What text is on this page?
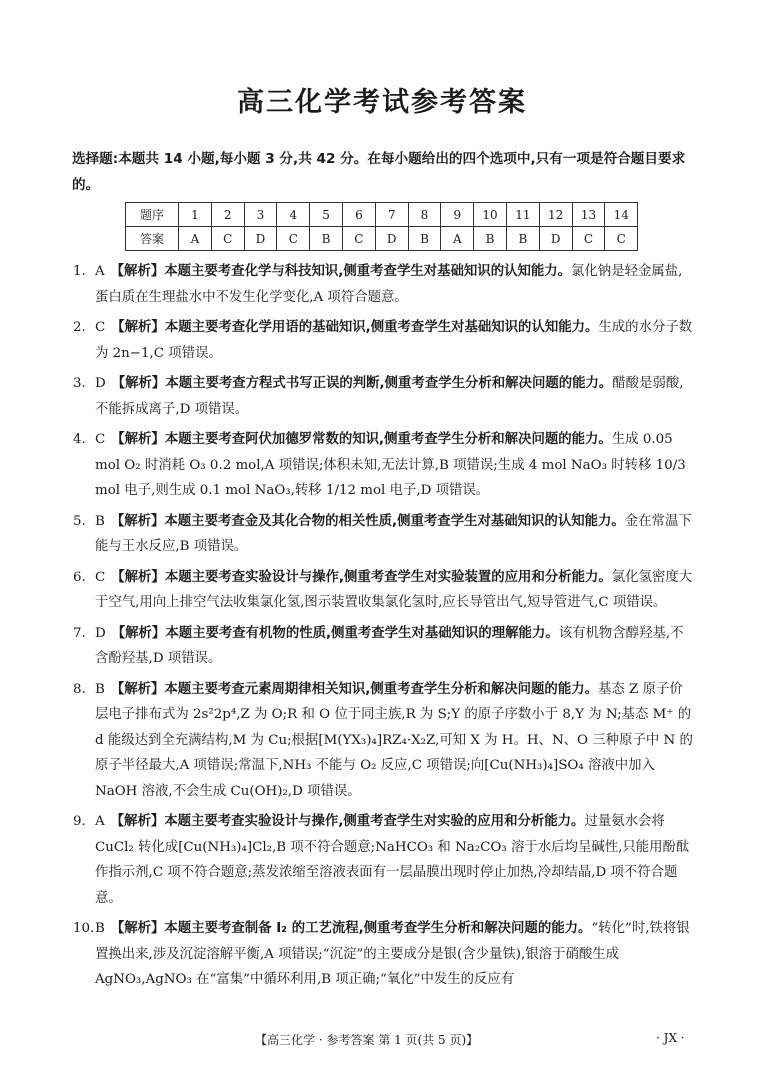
高三化学考试参考答案
选择题:本题共 14 小题,每小题 3 分,共 42 分。在每小题给出的四个选项中,只有一项是符合题目要求的。
题序	1	2	3	4	5	6	7	8	9	10	11	12	13	14
答案	A	C	D	C	B	C	D	B	A	B	B	D	C	C
1. A 【解析】本题主要考查化学与科技知识,侧重考查学生对基础知识的认知能力。氯化钠是轻金属盐,蛋白质在生理盐水中不发生化学变化,A 项符合题意。
2. C 【解析】本题主要考查化学用语的基础知识,侧重考查学生对基础知识的认知能力。生成的水分子数为 2n−1,C 项错误。
3. D 【解析】本题主要考查方程式书写正误的判断,侧重考查学生分析和解决问题的能力。醋酸是弱酸,不能拆成离子,D 项错误。
4. C 【解析】本题主要考查阿伏加德罗常数的知识,侧重考查学生分析和解决问题的能力。生成 0.05 mol O₂ 时消耗 O₃ 0.2 mol,A 项错误;体积未知,无法计算,B 项错误;生成 4 mol NaO₃ 时转移 10/3 mol 电子,则生成 0.1 mol NaO₃,转移 1/12 mol 电子,D 项错误。
5. B 【解析】本题主要考查金及其化合物的相关性质,侧重考查学生对基础知识的认知能力。金在常温下能与王水反应,B 项错误。
6. C 【解析】本题主要考查实验设计与操作,侧重考查学生对实验装置的应用和分析能力。氯化氢密度大于空气,用向上排空气法收集氯化氢,图示装置收集氯化氢时,应长导管出气,短导管进气,C 项错误。
7. D 【解析】本题主要考查有机物的性质,侧重考查学生对基础知识的理解能力。该有机物含醇羟基,不含酚羟基,D 项错误。
8. B 【解析】本题主要考查元素周期律相关知识,侧重考查学生分析和解决问题的能力。基态 Z 原子价层电子排布式为 2s²2p⁴,Z 为 O;R 和 O 位于同主族,R 为 S;Y 的原子序数小于 8,Y 为 N;基态 M⁺ 的 d 能级达到全充满结构,M 为 Cu;根据[M(YX₃)₄]RZ₄·X₂Z,可知 X 为 H。H、N、O 三种原子中 N 的原子半径最大,A 项错误;常温下,NH₃ 不能与 O₂ 反应,C 项错误;向[Cu(NH₃)₄]SO₄ 溶液中加入 NaOH 溶液,不会生成 Cu(OH)₂,D 项错误。
9. A 【解析】本题主要考查实验设计与操作,侧重考查学生对实验的应用和分析能力。过量氨水会将 CuCl₂ 转化成[Cu(NH₃)₄]Cl₂,B 项不符合题意;NaHCO₃ 和 Na₂CO₃ 溶于水后均呈碱性,只能用酚酞作指示剂,C 项不符合题意;蒸发浓缩至溶液表面有一层晶膜出现时停止加热,冷却结晶,D 项不符合题意。
10. B 【解析】本题主要考查制备 I₂ 的工艺流程,侧重考查学生分析和解决问题的能力。“转化”时,铁将银置换出来,涉及沉淀溶解平衡,A 项错误;“沉淀”的主要成分是银(含少量铁),银溶于硝酸生成 AgNO₃,AgNO₃ 在“富集”中循环利用,B 项正确;“氧化”中发生的反应有
【高三化学 · 参考答案 第 1 页(共 5 页)】	· JX ·
